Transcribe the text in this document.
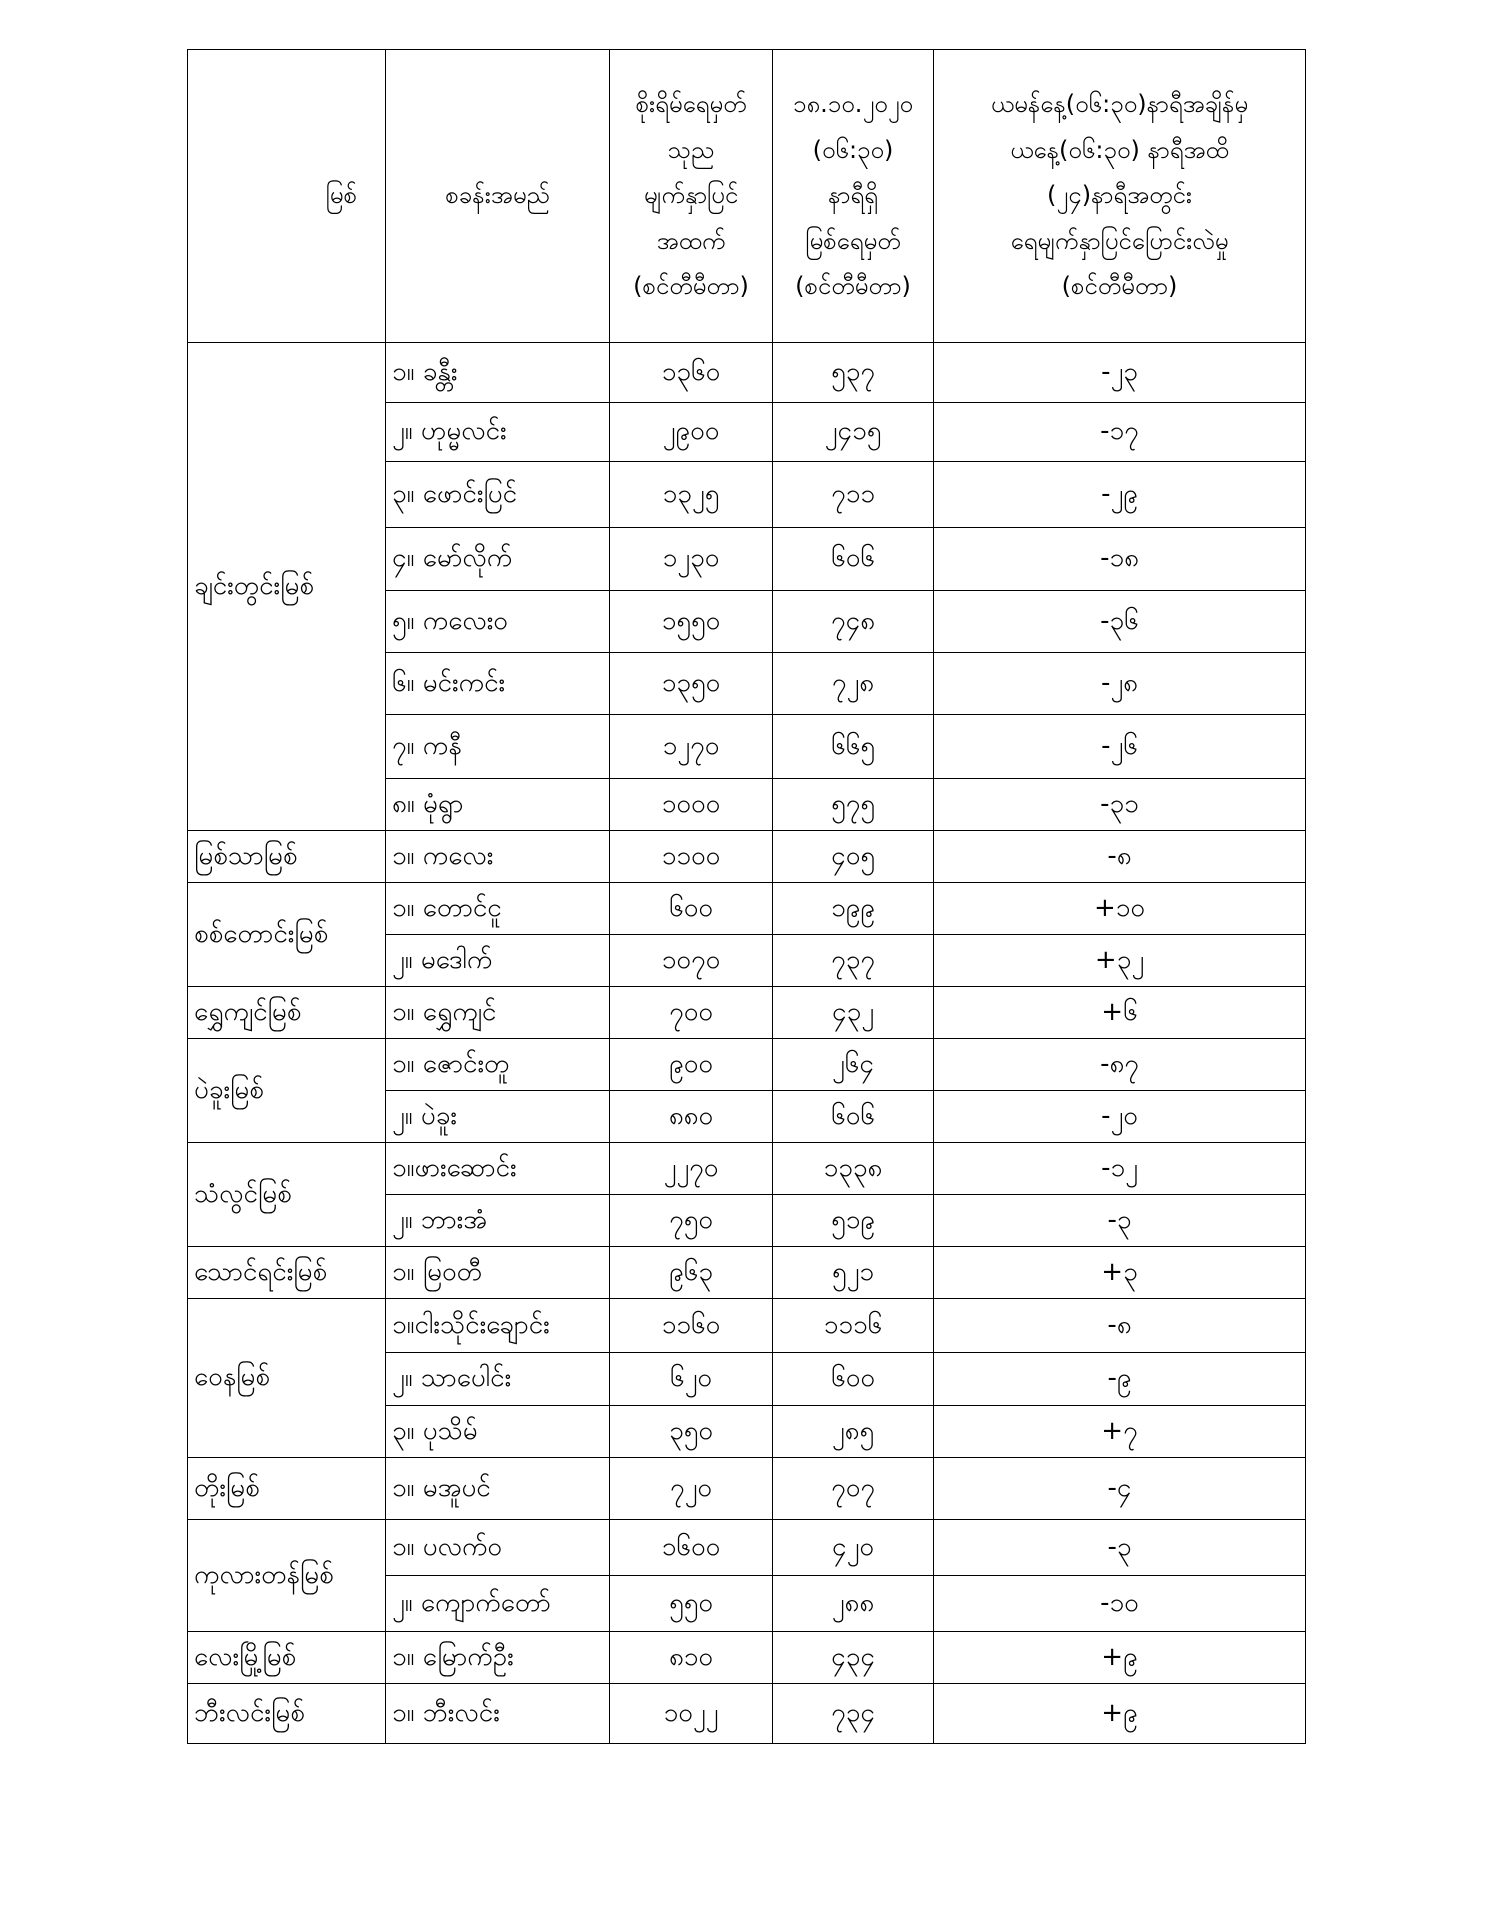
မြစ်	စခန်းအမည်	စိုးရိမ်ရေမှတ်
သုည
မျက်နှာပြင်
အထက်
(စင်တီမီတာ)	၁၈.၁၀.၂၀၂၀
(၀၆:၃၀)
နာရီရှိ
မြစ်ရေမှတ်
(စင်တီမီတာ)	ယမန်နေ့(၀၆:၃၀)နာရီအချိန်မှ
ယနေ့(၀၆:၃၀) နာရီအထိ
(၂၄)နာရီအတွင်း
ရေမျက်နှာပြင်ပြောင်းလဲမှု
(စင်တီမီတာ)
ချင်းတွင်းမြစ်	၁။ ခန္တီး	၁၃၆၀	၅၃၇	-၂၃
	၂။ ဟုမ္မလင်း	၂၉၀၀	၂၄၁၅	-၁၇
	၃။ ဖောင်းပြင်	၁၃၂၅	၇၁၁	-၂၉
	၄။ မော်လိုက်	၁၂၃၀	၆၀၆	-၁၈
	၅။ ကလေးဝ	၁၅၅၀	၇၄၈	-၃၆
	၆။ မင်းကင်း	၁၃၅၀	၇၂၈	-၂၈
	၇။ ကနီ	၁၂၇၀	၆၆၅	-၂၆
	၈။ မုံရွာ	၁၀၀၀	၅၇၅	-၃၁
မြစ်သာမြစ်	၁။ ကလေး	၁၁၀၀	၄၀၅	-၈
စစ်တောင်းမြစ်	၁။ တောင်ငူ	၆၀၀	၁၉၉	+၁၀
	၂။ မဒေါက်	၁၀၇၀	၇၃၇	+၃၂
ရွှေကျင်မြစ်	၁။ ရွှေကျင်	၇၀၀	၄၃၂	+၆
ပဲခူးမြစ်	၁။ ဇောင်းတူ	၉၀၀	၂၆၄	-၈၇
	၂။ ပဲခူး	၈၈၀	၆၀၆	-၂၀
သံလွင်မြစ်	၁။ဖားဆောင်း	၂၂၇၀	၁၃၃၈	-၁၂
	၂။ ဘားအံ	၇၅၀	၅၁၉	-၃
သောင်ရင်းမြစ်	၁။ မြဝတီ	၉၆၃	၅၂၁	+၃
ဝေနမြစ်	၁။ငါးသိုင်းချောင်း	၁၁၆၀	၁၁၁၆	-၈
	၂။ သာပေါင်း	၆၂၀	၆၀၀	-၉
	၃။ ပုသိမ်	၃၅၀	၂၈၅	+၇
တိုးမြစ်	၁။ မအူပင်	၇၂၀	၇၀၇	-၄
ကုလားတန်မြစ်	၁။ ပလက်ဝ	၁၆၀၀	၄၂၀	-၃
	၂။ ကျောက်တော်	၅၅၀	၂၈၈	-၁၀
လေးမြို့မြစ်	၁။ မြောက်ဦး	၈၁၀	၄၃၄	+၉
ဘီးလင်းမြစ်	၁။ ဘီးလင်း	၁၀၂၂	၇၃၄	+၉
